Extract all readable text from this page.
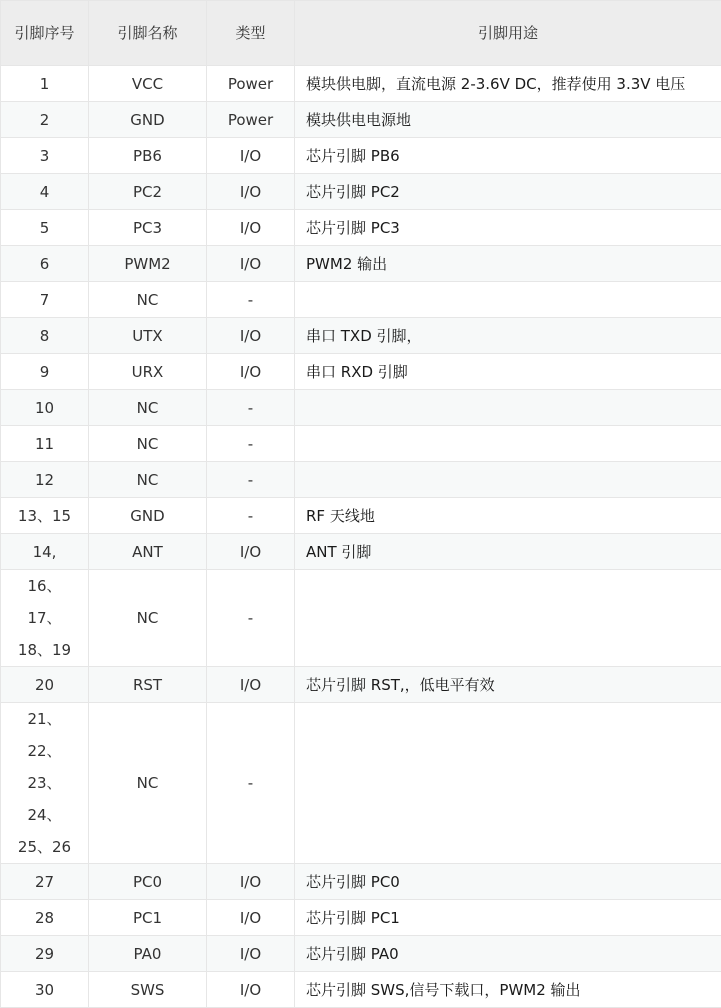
引脚序号	引脚名称	类型	引脚用途

1	VCC	Power	模块供电脚，直流电源 2-3.6V DC，推荐使用 3.3V 电压

2	GND	Power	模块供电电源地

3	PB6	I/O	芯片引脚 PB6

4	PC2	I/O	芯片引脚 PC2

5	PC3	I/O	芯片引脚 PC3

6	PWM2	I/O	PWM2 输出

7	NC	-	

8	UTX	I/O	串口 TXD 引脚，

9	URX	I/O	串口 RXD 引脚

10	NC	-	

11	NC	-	

12	NC	-	

13、15	GND	-	RF 天线地

14,	ANT	I/O	ANT 引脚

16、
17、
18、19	NC	-	

20	RST	I/O	芯片引脚 RST,，低电平有效

21、
22、
23、
24、
25、26	NC	-	

27	PC0	I/O	芯片引脚 PC0

28	PC1	I/O	芯片引脚 PC1

29	PA0	I/O	芯片引脚 PA0

30	SWS	I/O	芯片引脚 SWS,信号下载口，PWM2 输出
